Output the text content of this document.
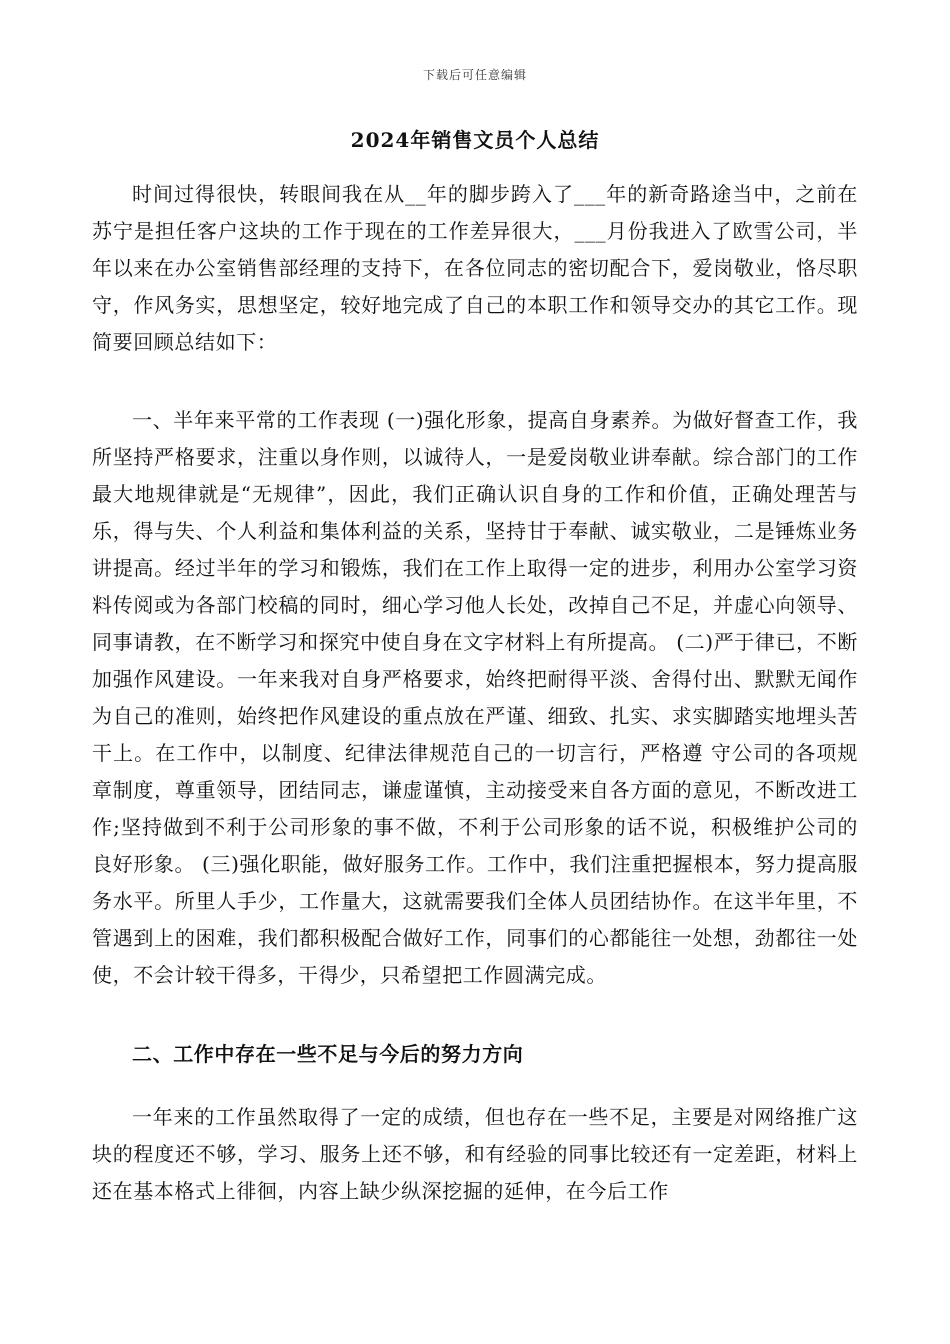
下载后可任意编辑
2024年销售文员个人总结

时间过得很快，转眼间我在从__年的脚步跨入了___年的新奇路途当中，之前在苏宁是担任客户这块的工作于现在的工作差异很大，___月份我进入了欧雪公司，半年以来在办公室销售部经理的支持下，在各位同志的密切配合下，爱岗敬业，恪尽职守，作风务实，思想坚定，较好地完成了自己的本职工作和领导交办的其它工作。现简要回顾总结如下：

一、半年来平常的工作表现 (一)强化形象，提高自身素养。为做好督查工作，我所坚持严格要求，注重以身作则，以诚待人，一是爱岗敬业讲奉献。综合部门的工作最大地规律就是“无规律”，因此，我们正确认识自身的工作和价值，正确处理苦与乐，得与失、个人利益和集体利益的关系，坚持甘于奉献、诚实敬业，二是锤炼业务讲提高。经过半年的学习和锻炼，我们在工作上取得一定的进步，利用办公室学习资料传阅或为各部门校稿的同时，细心学习他人长处，改掉自己不足，并虚心向领导、同事请教，在不断学习和探究中使自身在文字材料上有所提高。 (二)严于律已，不断加强作风建设。一年来我对自身严格要求，始终把耐得平淡、舍得付出、默默无闻作为自己的准则，始终把作风建设的重点放在严谨、细致、扎实、求实脚踏实地埋头苦干上。在工作中，以制度、纪律法律规范自己的一切言行，严格遵 守公司的各项规章制度，尊重领导，团结同志，谦虚谨慎，主动接受来自各方面的意见，不断改进工作;坚持做到不利于公司形象的事不做，不利于公司形象的话不说，积极维护公司的良好形象。 (三)强化职能，做好服务工作。工作中，我们注重把握根本，努力提高服务水平。所里人手少，工作量大，这就需要我们全体人员团结协作。在这半年里，不管遇到上的困难，我们都积极配合做好工作，同事们的心都能往一处想，劲都往一处使，不会计较干得多，干得少，只希望把工作圆满完成。

二、工作中存在一些不足与今后的努力方向

一年来的工作虽然取得了一定的成绩，但也存在一些不足，主要是对网络推广这块的程度还不够，学习、服务上还不够，和有经验的同事比较还有一定差距，材料上还在基本格式上徘徊，内容上缺少纵深挖掘的延伸，在今后工作
